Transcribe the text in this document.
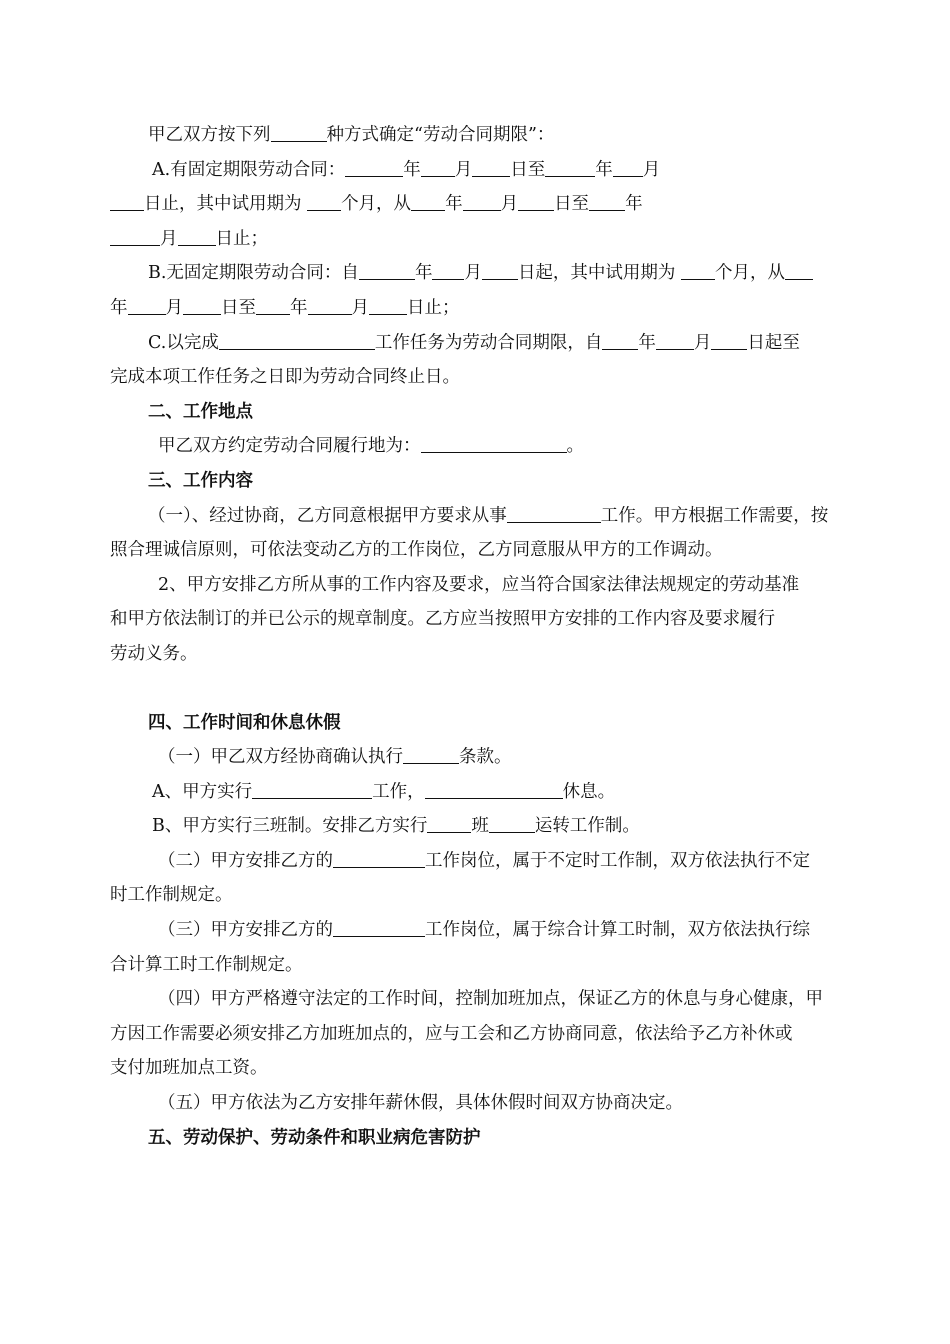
甲乙双方按下列	种方式确定“劳动合同期限”：
A.有固定期限劳动合同：	年 月 日至	年 月
日止，其中试用期为 个月，从 年 月 日至 年
月 日止；
B.无固定期限劳动合同：自	年 月 日起，其中试用期为 个月，从
年 月 日至 年	月 日止；
C.以完成	工作任务为劳动合同期限，自 年 月 日起至
完成本项工作任务之日即为劳动合同终止日。
二、工作地点
甲乙双方约定劳动合同履行地为：	。
三、工作内容
（一）、经过协商，乙方同意根据甲方要求从事	工作。甲方根据工作需要，按
照合理诚信原则，可依法变动乙方的工作岗位，乙方同意服从甲方的工作调动。
2、甲方安排乙方所从事的工作内容及要求，应当符合国家法律法规规定的劳动基准
和甲方依法制订的并已公示的规章制度。乙方应当按照甲方安排的工作内容及要求履行
劳动义务。
四、工作时间和休息休假
（一）甲乙双方经协商确认执行	条款。
A、甲方实行	工作，	休息。
B、甲方实行三班制。安排乙方实行	班	运转工作制。
（二）甲方安排乙方的	工作岗位，属于不定时工作制，双方依法执行不定
时工作制规定。
（三）甲方安排乙方的	工作岗位，属于综合计算工时制，双方依法执行综
合计算工时工作制规定。
（四）甲方严格遵守法定的工作时间，控制加班加点，保证乙方的休息与身心健康，甲
方因工作需要必须安排乙方加班加点的，应与工会和乙方协商同意，依法给予乙方补休或
支付加班加点工资。
（五）甲方依法为乙方安排年薪休假，具体休假时间双方协商决定。
五、劳动保护、劳动条件和职业病危害防护
